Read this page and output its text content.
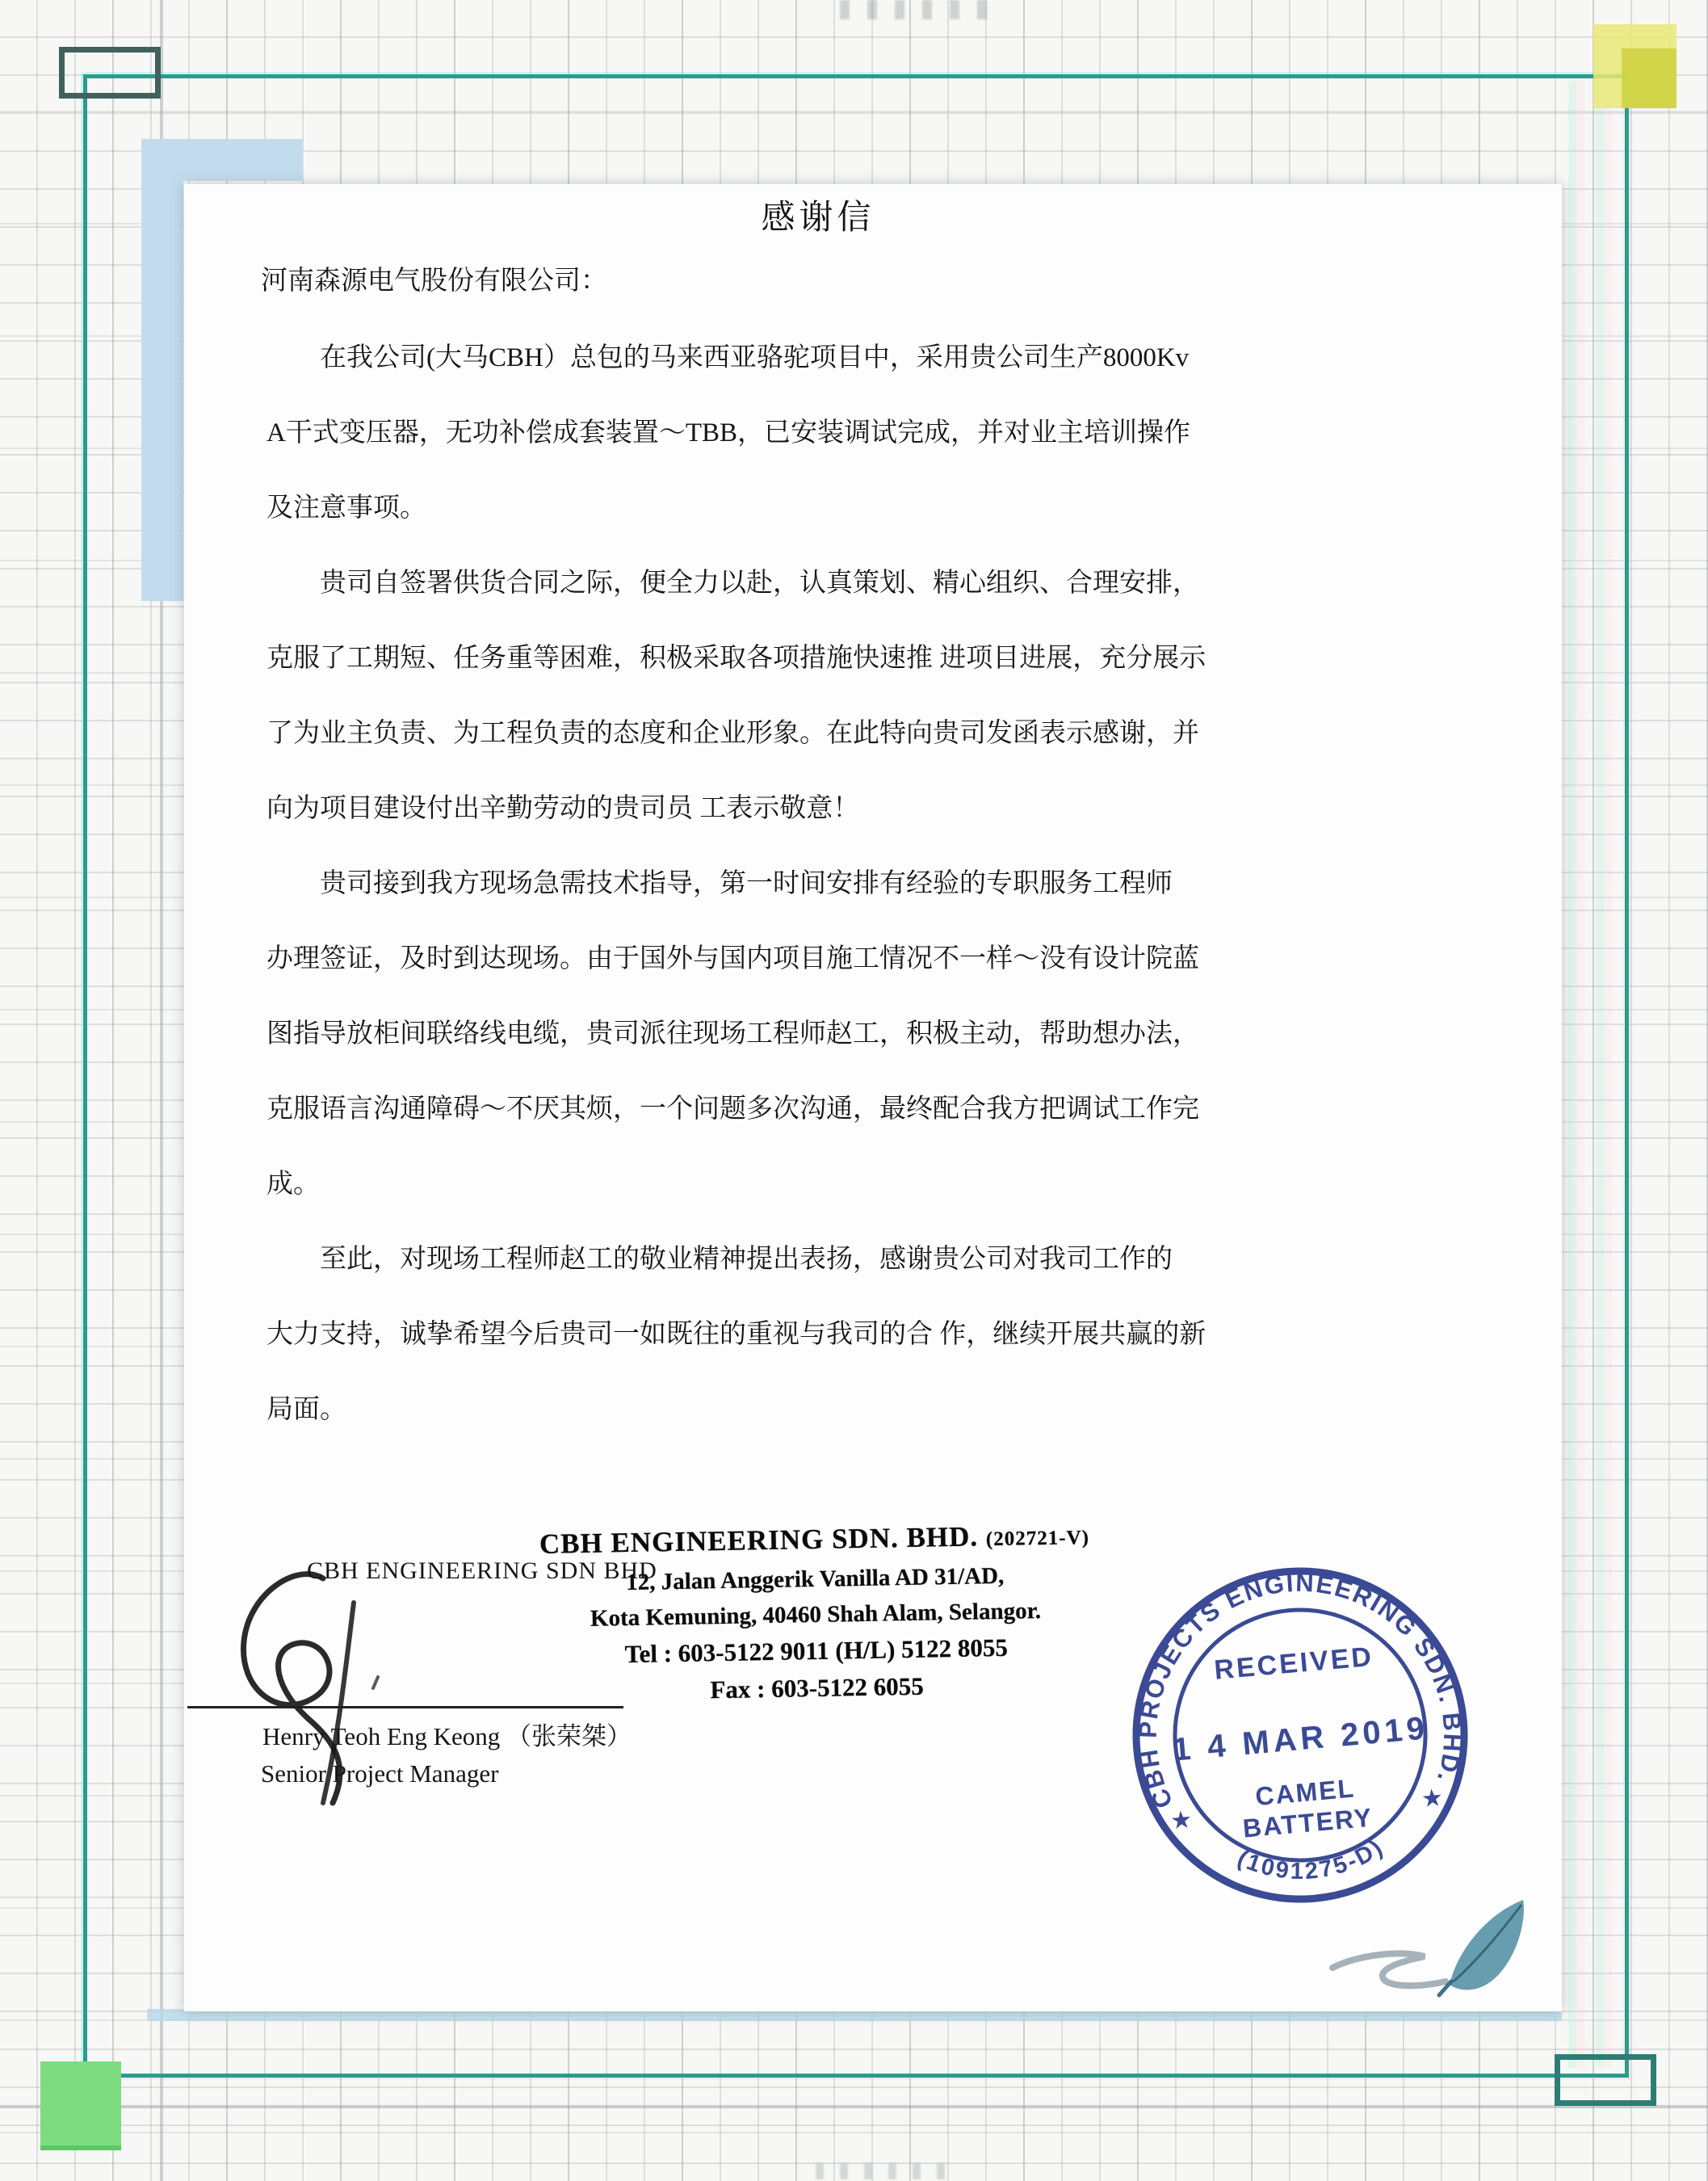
感谢信
河南森源电气股份有限公司：
在我公司(大马CBH）总包的马来西亚骆驼项目中，采用贵公司生产8000Kv
A干式变压器，无功补偿成套装置～TBB，已安装调试完成，并对业主培训操作
及注意事项。
贵司自签署供货合同之际，便全力以赴，认真策划、精心组织、合理安排，
克服了工期短、任务重等困难，积极采取各项措施快速推 进项目进展，充分展示
了为业主负责、为工程负责的态度和企业形象。在此特向贵司发函表示感谢，并
向为项目建设付出辛勤劳动的贵司员 工表示敬意！
贵司接到我方现场急需技术指导，第一时间安排有经验的专职服务工程师
办理签证，及时到达现场。由于国外与国内项目施工情况不一样～没有设计院蓝
图指导放柜间联络线电缆，贵司派往现场工程师赵工，积极主动，帮助想办法，
克服语言沟通障碍～不厌其烦，一个问题多次沟通，最终配合我方把调试工作完
成。
至此，对现场工程师赵工的敬业精神提出表扬，感谢贵公司对我司工作的
大力支持，诚挚希望今后贵司一如既往的重视与我司的合 作，继续开展共赢的新
局面。
CBH ENGINEERING SDN. BHD. (202721-V)
12, Jalan Anggerik Vanilla AD 31/AD,
Kota Kemuning, 40460 Shah Alam, Selangor.
Tel : 603-5122 9011 (H/L) 5122 8055
Fax : 603-5122 6055
CBH ENGINEERING SDN BHD
Henry Teoh Eng Keong （张荣桀）
Senior Project Manager
CBH PROJECTS ENGINEERING SDN. BHD.
(1091275-D)
RECEIVED
1 4 MAR 2019
CAMEL
BATTERY
★
★
